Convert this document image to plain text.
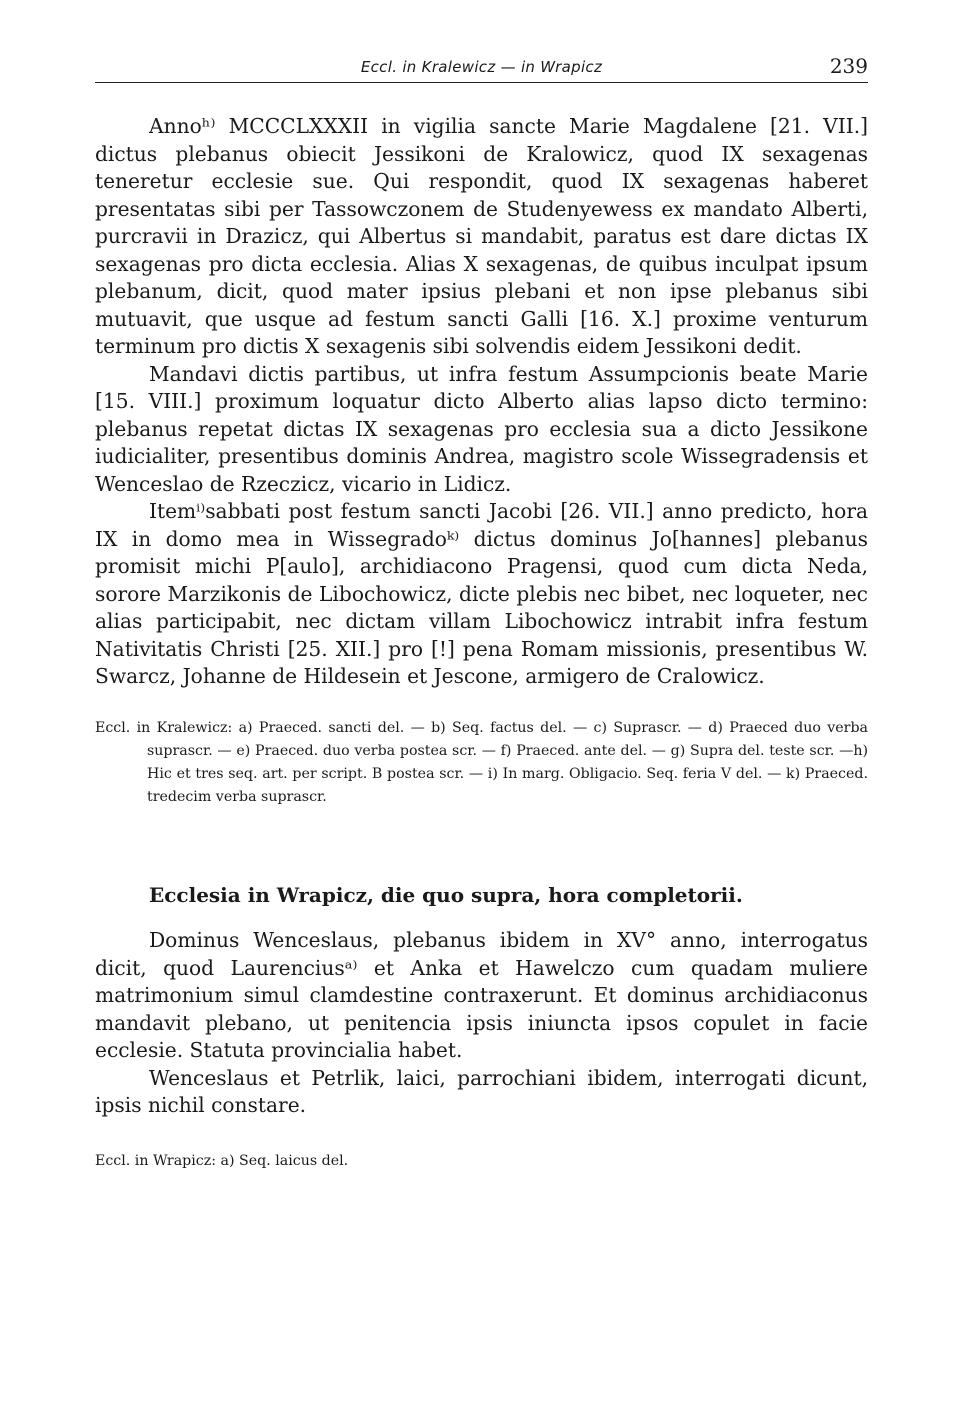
Eccl. in Kralewicz — in Wrapicz	239

Annoʰ⁾ MCCCLXXXII in vigilia sancte Marie Magdalene [21. VII.] dictus plebanus obiecit Jessikoni de Kralowicz, quod IX sexagenas teneretur ecclesie sue. Qui respondit, quod IX sexagenas haberet presentatas sibi per Tassowczonem de Studenyewess ex mandato Alberti, purcravii in Drazicz, qui Albertus si mandabit, paratus est dare dictas IX sexagenas pro dicta ecclesia. Alias X sexagenas, de quibus inculpat ipsum plebanum, dicit, quod mater ipsius plebani et non ipse plebanus sibi mutuavit, que usque ad festum sancti Galli [16. X.] proxime venturum terminum pro dictis X sexagenis sibi solvendis eidem Jessikoni dedit.

Mandavi dictis partibus, ut infra festum Assumpcionis beate Marie [15. VIII.] proximum loquatur dicto Alberto alias lapso dicto termino: plebanus repetat dictas IX sexagenas pro ecclesia sua a dicto Jessikone iudicialiter, presentibus dominis Andrea, magistro scole Wissegradensis et Wenceslao de Rzeczicz, vicario in Lidicz.

Itemⁱ⁾sabbati post festum sancti Jacobi [26. VII.] anno predicto, hora IX in domo mea in Wissegradoᵏ⁾ dictus dominus Jo[hannes] plebanus promisit michi P[aulo], archidiacono Pragensi, quod cum dicta Neda, sorore Marzikonis de Libochowicz, dicte plebis nec bibet, nec loqueter, nec alias participabit, nec dictam villam Libochowicz intrabit infra festum Nativitatis Christi [25. XII.] pro [!] pena Romam missionis, presentibus W. Swarcz, Johanne de Hildesein et Jescone, armigero de Cralowicz.

Eccl. in Kralewicz: a) Praeced. sancti del. — b) Seq. factus del. — c) Suprascr. — d) Praeced duo verba suprascr. — e) Praeced. duo verba postea scr. — f) Praeced. ante del. — g) Supra del. teste scr. —h) Hic et tres seq. art. per script. B postea scr. — i) In marg. Obligacio. Seq. feria V del. — k) Praeced. tredecim verba suprascr.

Ecclesia in Wrapicz, die quo supra, hora completorii.

Dominus Wenceslaus, plebanus ibidem in XV° anno, interrogatus dicit, quod Laurenciusᵃ⁾ et Anka et Hawelczo cum quadam muliere matrimonium simul clamdestine contraxerunt. Et dominus archidiaconus mandavit plebano, ut penitencia ipsis iniuncta ipsos copulet in facie ecclesie. Statuta provincialia habet.

Wenceslaus et Petrlik, laici, parrochiani ibidem, interrogati dicunt, ipsis nichil constare.

Eccl. in Wrapicz: a) Seq. laicus del.
